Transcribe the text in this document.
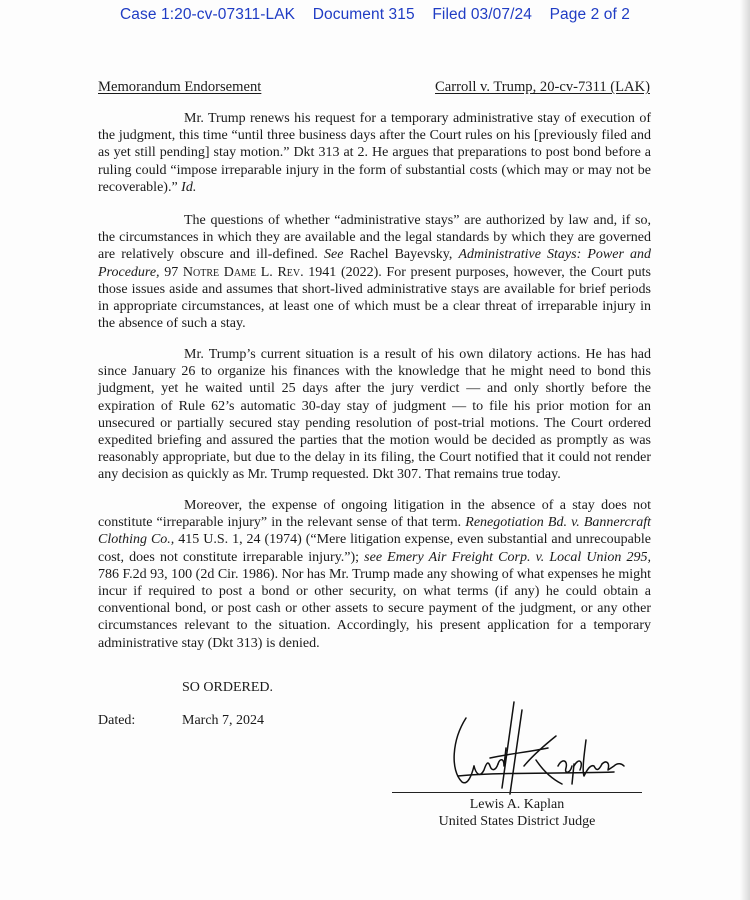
Case 1:20-cv-07311-LAK    Document 315    Filed 03/07/24    Page 2 of 2
Memorandum Endorsement	Carroll v. Trump, 20-cv-7311 (LAK)

Mr. Trump renews his request for a temporary administrative stay of execution of the judgment, this time “until three business days after the Court rules on his [previously filed and as yet still pending] stay motion.” Dkt 313 at 2. He argues that preparations to post bond before a ruling could “impose irreparable injury in the form of substantial costs (which may or may not be recoverable).” Id.

The questions of whether “administrative stays” are authorized by law and, if so, the circumstances in which they are available and the legal standards by which they are governed are relatively obscure and ill-defined. See Rachel Bayevsky, Administrative Stays: Power and Procedure, 97 Notre Dame L. Rev. 1941 (2022). For present purposes, however, the Court puts those issues aside and assumes that short-lived administrative stays are available for brief periods in appropriate circumstances, at least one of which must be a clear threat of irreparable injury in the absence of such a stay.

Mr. Trump’s current situation is a result of his own dilatory actions. He has had since January 26 to organize his finances with the knowledge that he might need to bond this judgment, yet he waited until 25 days after the jury verdict — and only shortly before the expiration of Rule 62’s automatic 30-day stay of judgment — to file his prior motion for an unsecured or partially secured stay pending resolution of post-trial motions. The Court ordered expedited briefing and assured the parties that the motion would be decided as promptly as was reasonably appropriate, but due to the delay in its filing, the Court notified that it could not render any decision as quickly as Mr. Trump requested. Dkt 307. That remains true today.

Moreover, the expense of ongoing litigation in the absence of a stay does not constitute “irreparable injury” in the relevant sense of that term. Renegotiation Bd. v. Bannercraft Clothing Co., 415 U.S. 1, 24 (1974) (“Mere litigation expense, even substantial and unrecoupable cost, does not constitute irreparable injury.”); see Emery Air Freight Corp. v. Local Union 295, 786 F.2d 93, 100 (2d Cir. 1986). Nor has Mr. Trump made any showing of what expenses he might incur if required to post a bond or other security, on what terms (if any) he could obtain a conventional bond, or post cash or other assets to secure payment of the judgment, or any other circumstances relevant to the situation. Accordingly, his present application for a temporary administrative stay (Dkt 313) is denied.

SO ORDERED.
Dated:	March 7, 2024
Lewis A. Kaplan
United States District Judge
